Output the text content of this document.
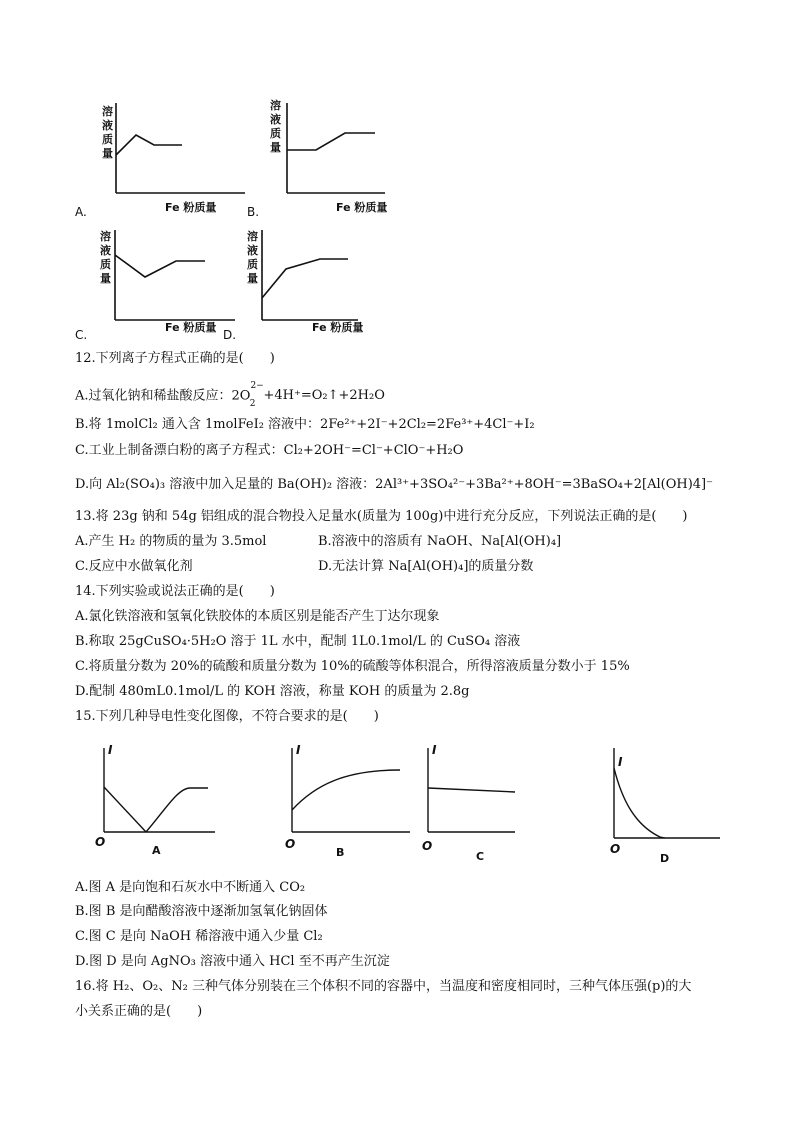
溶
液
质
量
溶
液
质
量
溶
液
质
量
溶
液
质
量
Fe 粉质量	Fe 粉质量
Fe 粉质量	Fe 粉质量
A.	B.
C.	D.
12.下列离子方程式正确的是(　　)
A.过氧化钠和稀盐酸反应：$2O^{2-}_2+4H^+=O_2↑+2H_2O$
B.将 1molCl₂ 通入含 1molFeI₂ 溶液中：2Fe²⁺+2I⁻+2Cl₂=2Fe³⁺+4Cl⁻+I₂
C.工业上制备漂白粉的离子方程式：Cl₂+2OH⁻=Cl⁻+ClO⁻+H₂O
D.向 Al₂(SO₄)₃ 溶液中加入足量的 Ba(OH)₂ 溶液：2Al³⁺+3SO₄²⁻+3Ba²⁺+8OH⁻=3BaSO₄+2[Al(OH)4]⁻
13.将 23g 钠和 54g 铝组成的混合物投入足量水(质量为 100g)中进行充分反应，下列说法正确的是(　　)
A.产生 H₂ 的物质的量为 3.5mol	B.溶液中的溶质有 NaOH、Na[Al(OH)₄]
C.反应中水做氧化剂	D.无法计算 Na[Al(OH)₄]的质量分数
14.下列实验或说法正确的是(　　)
A.氯化铁溶液和氢氧化铁胶体的本质区别是能否产生丁达尔现象
B.称取 25gCuSO₄·5H₂O 溶于 1L 水中，配制 1L0.1mol/L 的 CuSO₄ 溶液
C.将质量分数为 20%的硫酸和质量分数为 10%的硫酸等体积混合，所得溶液质量分数小于 15%
D.配制 480mL0.1mol/L 的 KOH 溶液，称量 KOH 的质量为 2.8g
15.下列几种导电性变化图像，不符合要求的是(　　)
I	I	I
I
O	O	O	O
A	B	C	D
A.图 A 是向饱和石灰水中不断通入 CO₂
B.图 B 是向醋酸溶液中逐渐加氢氧化钠固体
C.图 C 是向 NaOH 稀溶液中通入少量 Cl₂
D.图 D 是向 AgNO₃ 溶液中通入 HCl 至不再产生沉淀
16.将 H₂、O₂、N₂ 三种气体分别装在三个体积不同的容器中，当温度和密度相同时，三种气体压强(p)的大
小关系正确的是(　　)
